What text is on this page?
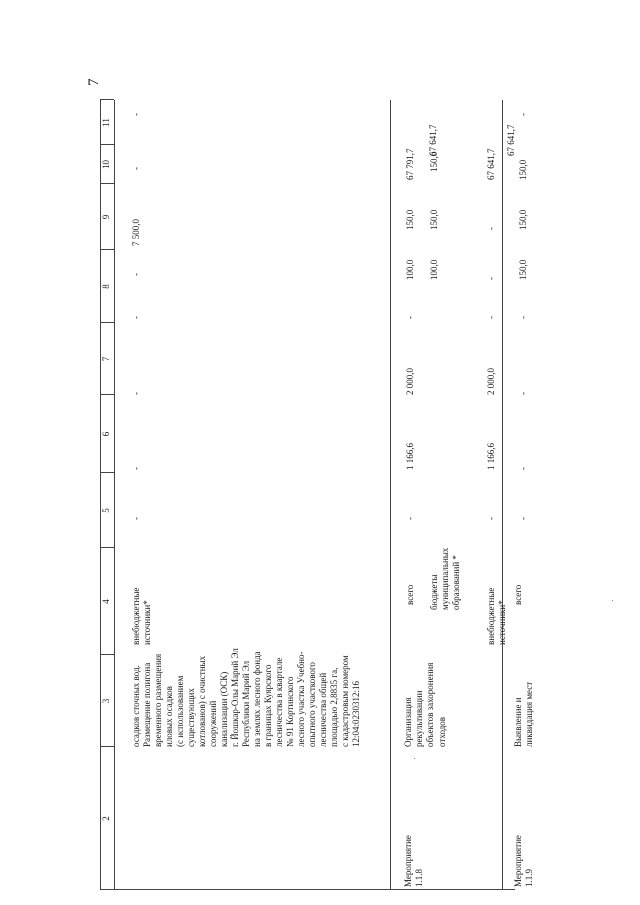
7
2
3
4
5
6
7
8
9
10
11
осадков сточных вод. Размещение полигона временного размещения иловых осадков (с использованием существующих котлованов) с очистных сооружений канализации (ОСК) г. Йошкар-Олы Марий Эл Республики Марий Эл на землях лесного фонда в границах Куярского лесничества в квартале № 91 Кортинского лесного участка Учебно- опытного участкового лесничества общей площадью 2,8835 га, с кадастровым номером 12:04:0230312:16
внебюджетные источники*
-
-
-
-
-
7 500,0
-
-
Мероприятие 1.1.8
Организация рекультивации объектов захоронения отходов
всего бюджеты муниципальных образований *
внебюджетные источники*
-
1 166,6
2 000,0
-
100,0
150,0
67 791,7
67 641,7
100,0
150,0
150,0
-
1 166,6
2 000,0
-
-
-
67 641,7
67 641,7
Мероприятие 1.1.9
Выявление и ликвидация мест
всего
-
-
-
-
150,0
150,0
150,0
-
